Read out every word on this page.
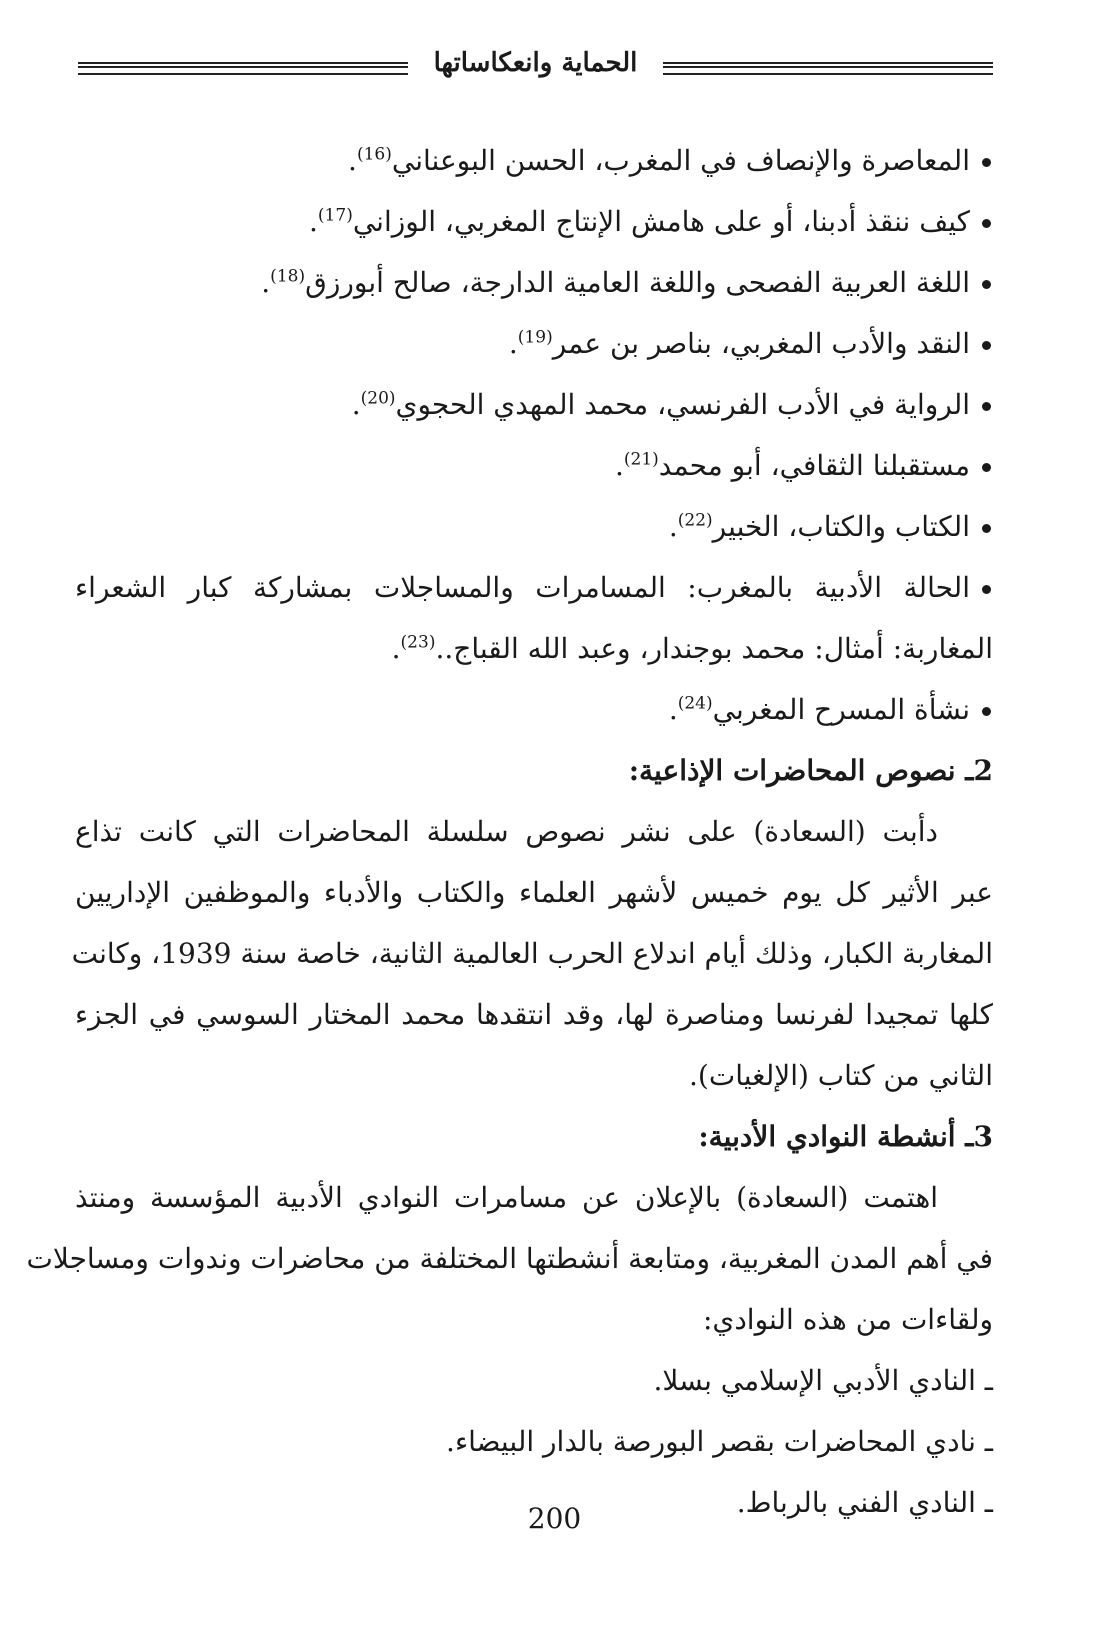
الحماية وانعكاساتها
المعاصرة والإنصاف في المغرب، الحسن البوعناني$^{(16)}$.
كيف ننقذ أدبنا، أو على هامش الإنتاج المغربي، الوزاني$^{(17)}$.
اللغة العربية الفصحى واللغة العامية الدارجة، صالح أبورزق$^{(18)}$.
النقد والأدب المغربي، بناصر بن عمر$^{(19)}$.
الرواية في الأدب الفرنسي، محمد المهدي الحجوي$^{(20)}$.
مستقبلنا الثقافي، أبو محمد$^{(21)}$.
الكتاب والكتاب، الخبير$^{(22)}$.
الحالة الأدبية بالمغرب: المسامرات والمساجلات بمشاركة كبار الشعراء
المغاربة: أمثال: محمد بوجندار، وعبد الله القباج..$^{(23)}$.
نشأة المسرح المغربي$^{(24)}$.
2ـ نصوص المحاضرات الإذاعية:
دأبت (السعادة) على نشر نصوص سلسلة المحاضرات التي كانت تذاع
عبر الأثير كل يوم خميس لأشهر العلماء والكتاب والأدباء والموظفين الإداريين
المغاربة الكبار، وذلك أيام اندلاع الحرب العالمية الثانية، خاصة سنة 1939، وكانت
كلها تمجيدا لفرنسا ومناصرة لها، وقد انتقدها محمد المختار السوسي في الجزء
الثاني من كتاب (الإلغيات).
3ـ أنشطة النوادي الأدبية:
اهتمت (السعادة) بالإعلان عن مسامرات النوادي الأدبية المؤسسة ومنتذ
في أهم المدن المغربية، ومتابعة أنشطتها المختلفة من محاضرات وندوات ومساجلات
ولقاءات من هذه النوادي:
ـ النادي الأدبي الإسلامي بسلا.
ـ نادي المحاضرات بقصر البورصة بالدار البيضاء.
ـ النادي الفني بالرباط.
200
